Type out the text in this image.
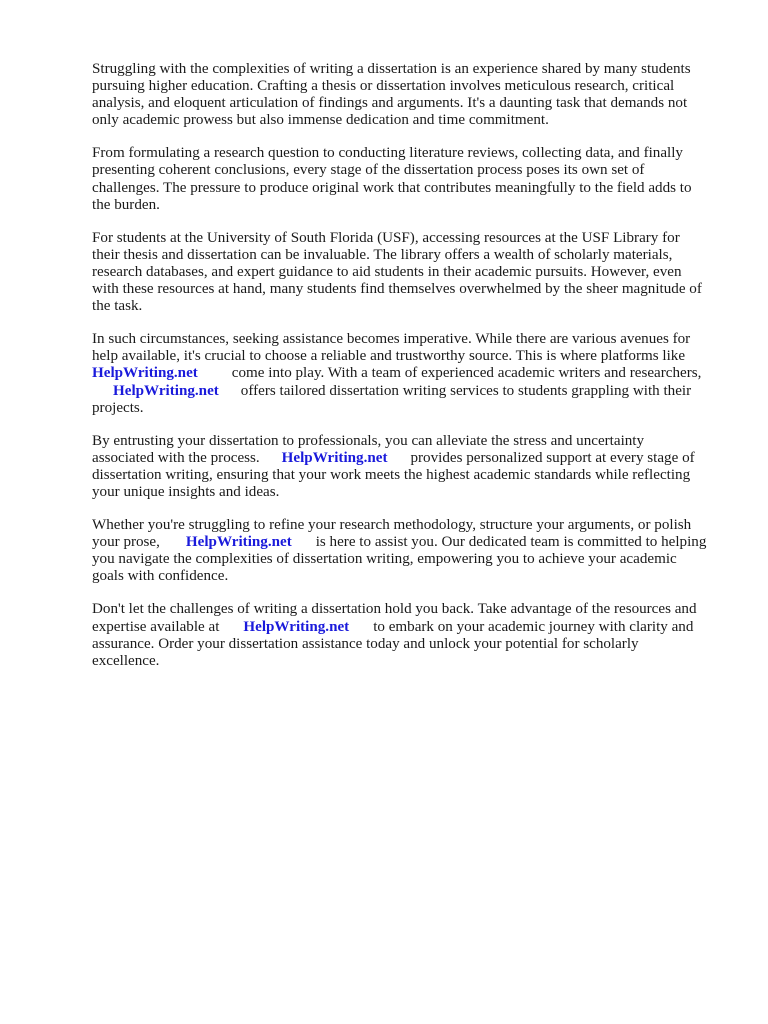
Struggling with the complexities of writing a dissertation is an experience shared by many students
pursuing higher education. Crafting a thesis or dissertation involves meticulous research, critical
analysis, and eloquent articulation of findings and arguments. It's a daunting task that demands not
only academic prowess but also immense dedication and time commitment.

From formulating a research question to conducting literature reviews, collecting data, and finally
presenting coherent conclusions, every stage of the dissertation process poses its own set of
challenges. The pressure to produce original work that contributes meaningfully to the field adds to
the burden.

For students at the University of South Florida (USF), accessing resources at the USF Library for
their thesis and dissertation can be invaluable. The library offers a wealth of scholarly materials,
research databases, and expert guidance to aid students in their academic pursuits. However, even
with these resources at hand, many students find themselves overwhelmed by the sheer magnitude of
the task.

In such circumstances, seeking assistance becomes imperative. While there are various avenues for
help available, it's crucial to choose a reliable and trustworthy source. This is where platforms like
HelpWriting.net come into play. With a team of experienced academic writers and researchers,
HelpWriting.net offers tailored dissertation writing services to students grappling with their
projects.

By entrusting your dissertation to professionals, you can alleviate the stress and uncertainty
associated with the process. HelpWriting.net provides personalized support at every stage of
dissertation writing, ensuring that your work meets the highest academic standards while reflecting
your unique insights and ideas.

Whether you're struggling to refine your research methodology, structure your arguments, or polish
your prose, HelpWriting.net is here to assist you. Our dedicated team is committed to helping
you navigate the complexities of dissertation writing, empowering you to achieve your academic
goals with confidence.

Don't let the challenges of writing a dissertation hold you back. Take advantage of the resources and
expertise available at HelpWriting.net to embark on your academic journey with clarity and
assurance. Order your dissertation assistance today and unlock your potential for scholarly
excellence.
